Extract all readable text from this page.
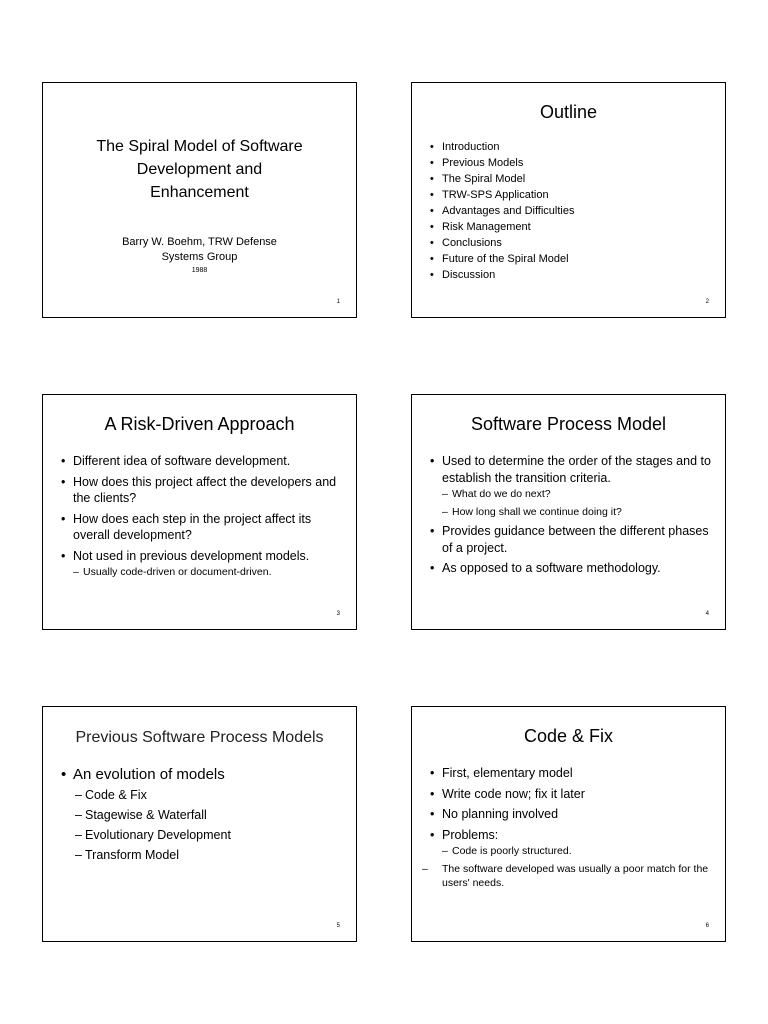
The Spiral Model of Software
Development and
Enhancement
Barry W. Boehm, TRW Defense
Systems Group
1988
1
Outline
• Introduction
• Previous Models
• The Spiral Model
• TRW-SPS Application
• Advantages and Difficulties
• Risk Management
• Conclusions
• Future of the Spiral Model
• Discussion
2
A Risk-Driven Approach
• Different idea of software development.
• How does this project affect the developers and the clients?
• How does each step in the project affect its overall development?
• Not used in previous development models.
– Usually code-driven or document-driven.
3
Software Process Model
• Used to determine the order of the stages and to establish the transition criteria.
– What do we do next?
– How long shall we continue doing it?
• Provides guidance between the different phases of a project.
• As opposed to a software methodology.
4
Previous Software Process Models
• An evolution of models
– Code & Fix
– Stagewise & Waterfall
– Evolutionary Development
– Transform Model
5
Code & Fix
• First, elementary model
• Write code now; fix it later
• No planning involved
• Problems:
– Code is poorly structured.
– The software developed was usually a poor match for the users' needs.
6
